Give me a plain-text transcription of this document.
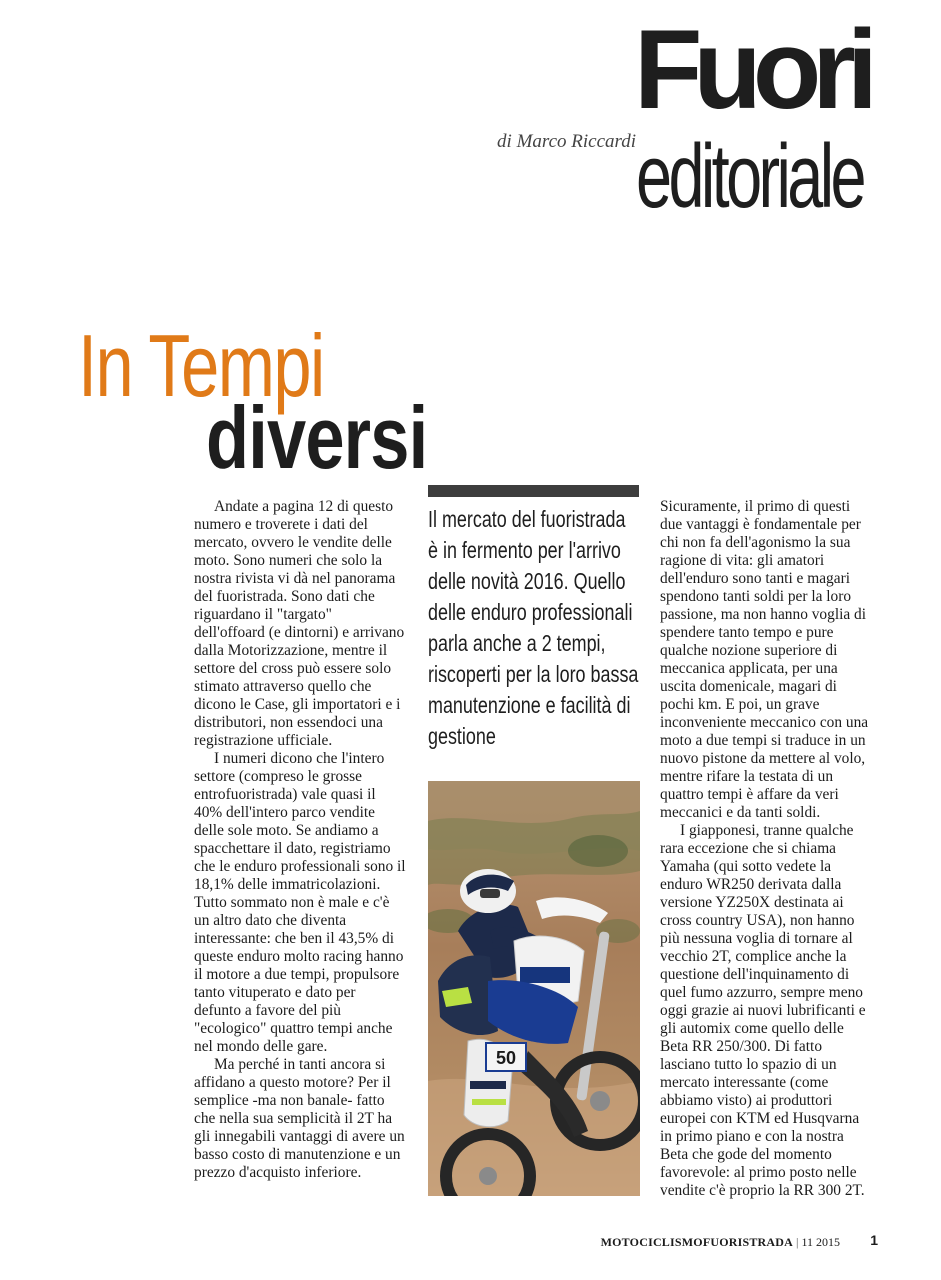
Fuori
editoriale
di Marco Riccardi
In Tempi
diversi

Andate a pagina 12 di questo numero e troverete i dati del mercato, ovvero le vendite delle moto. Sono numeri che solo la nostra rivista vi dà nel panorama del fuoristrada. Sono dati che riguardano il "targato" dell'offoard (e dintorni) e arrivano dalla Motorizzazione, mentre il settore del cross può essere solo stimato attraverso quello che dicono le Case, gli importatori e i distributori, non essendoci una registrazione ufficiale.

I numeri dicono che l'intero settore (compreso le grosse entrofuoristrada) vale quasi il 40% dell'intero parco vendite delle sole moto. Se andiamo a spacchettare il dato, registriamo che le enduro professionali sono il 18,1% delle immatricolazioni. Tutto sommato non è male e c'è un altro dato che diventa interessante: che ben il 43,5% di queste enduro molto racing hanno il motore a due tempi, propulsore tanto vituperato e dato per defunto a favore del più "ecologico" quattro tempi anche nel mondo delle gare.

Ma perché in tanti ancora si affidano a questo motore? Per il semplice -ma non banale- fatto che nella sua semplicità il 2T ha gli innegabili vantaggi di avere un basso costo di manutenzione e un prezzo d'acquisto inferiore.

Il mercato del fuoristrada è in fermento per l'arrivo delle novità 2016. Quello delle enduro professionali parla anche a 2 tempi, riscoperti per la loro bassa manutenzione e facilità di gestione
50

Sicuramente, il primo di questi due vantaggi è fondamentale per chi non fa dell'agonismo la sua ragione di vita: gli amatori dell'enduro sono tanti e magari spendono tanti soldi per la loro passione, ma non hanno voglia di spendere tanto tempo e pure qualche nozione superiore di meccanica applicata, per una uscita domenicale, magari di pochi km. E poi, un grave inconveniente meccanico con una moto a due tempi si traduce in un nuovo pistone da mettere al volo, mentre rifare la testata di un quattro tempi è affare da veri meccanici e da tanti soldi.

I giapponesi, tranne qualche rara eccezione che si chiama Yamaha (qui sotto vedete la enduro WR250 derivata dalla versione YZ250X destinata ai cross country USA), non hanno più nessuna voglia di tornare al vecchio 2T, complice anche la questione dell'inquinamento di quel fumo azzurro, sempre meno oggi grazie ai nuovi lubrificanti e gli automix come quello delle Beta RR 250/300. Di fatto lasciano tutto lo spazio di un mercato interessante (come abbiamo visto) ai produttori europei con KTM ed Husqvarna in primo piano e con la nostra Beta che gode del momento favorevole: al primo posto nelle vendite c'è proprio la RR 300 2T.

MOTOCICLISMOFUORISTRADA | 11 2015	1
